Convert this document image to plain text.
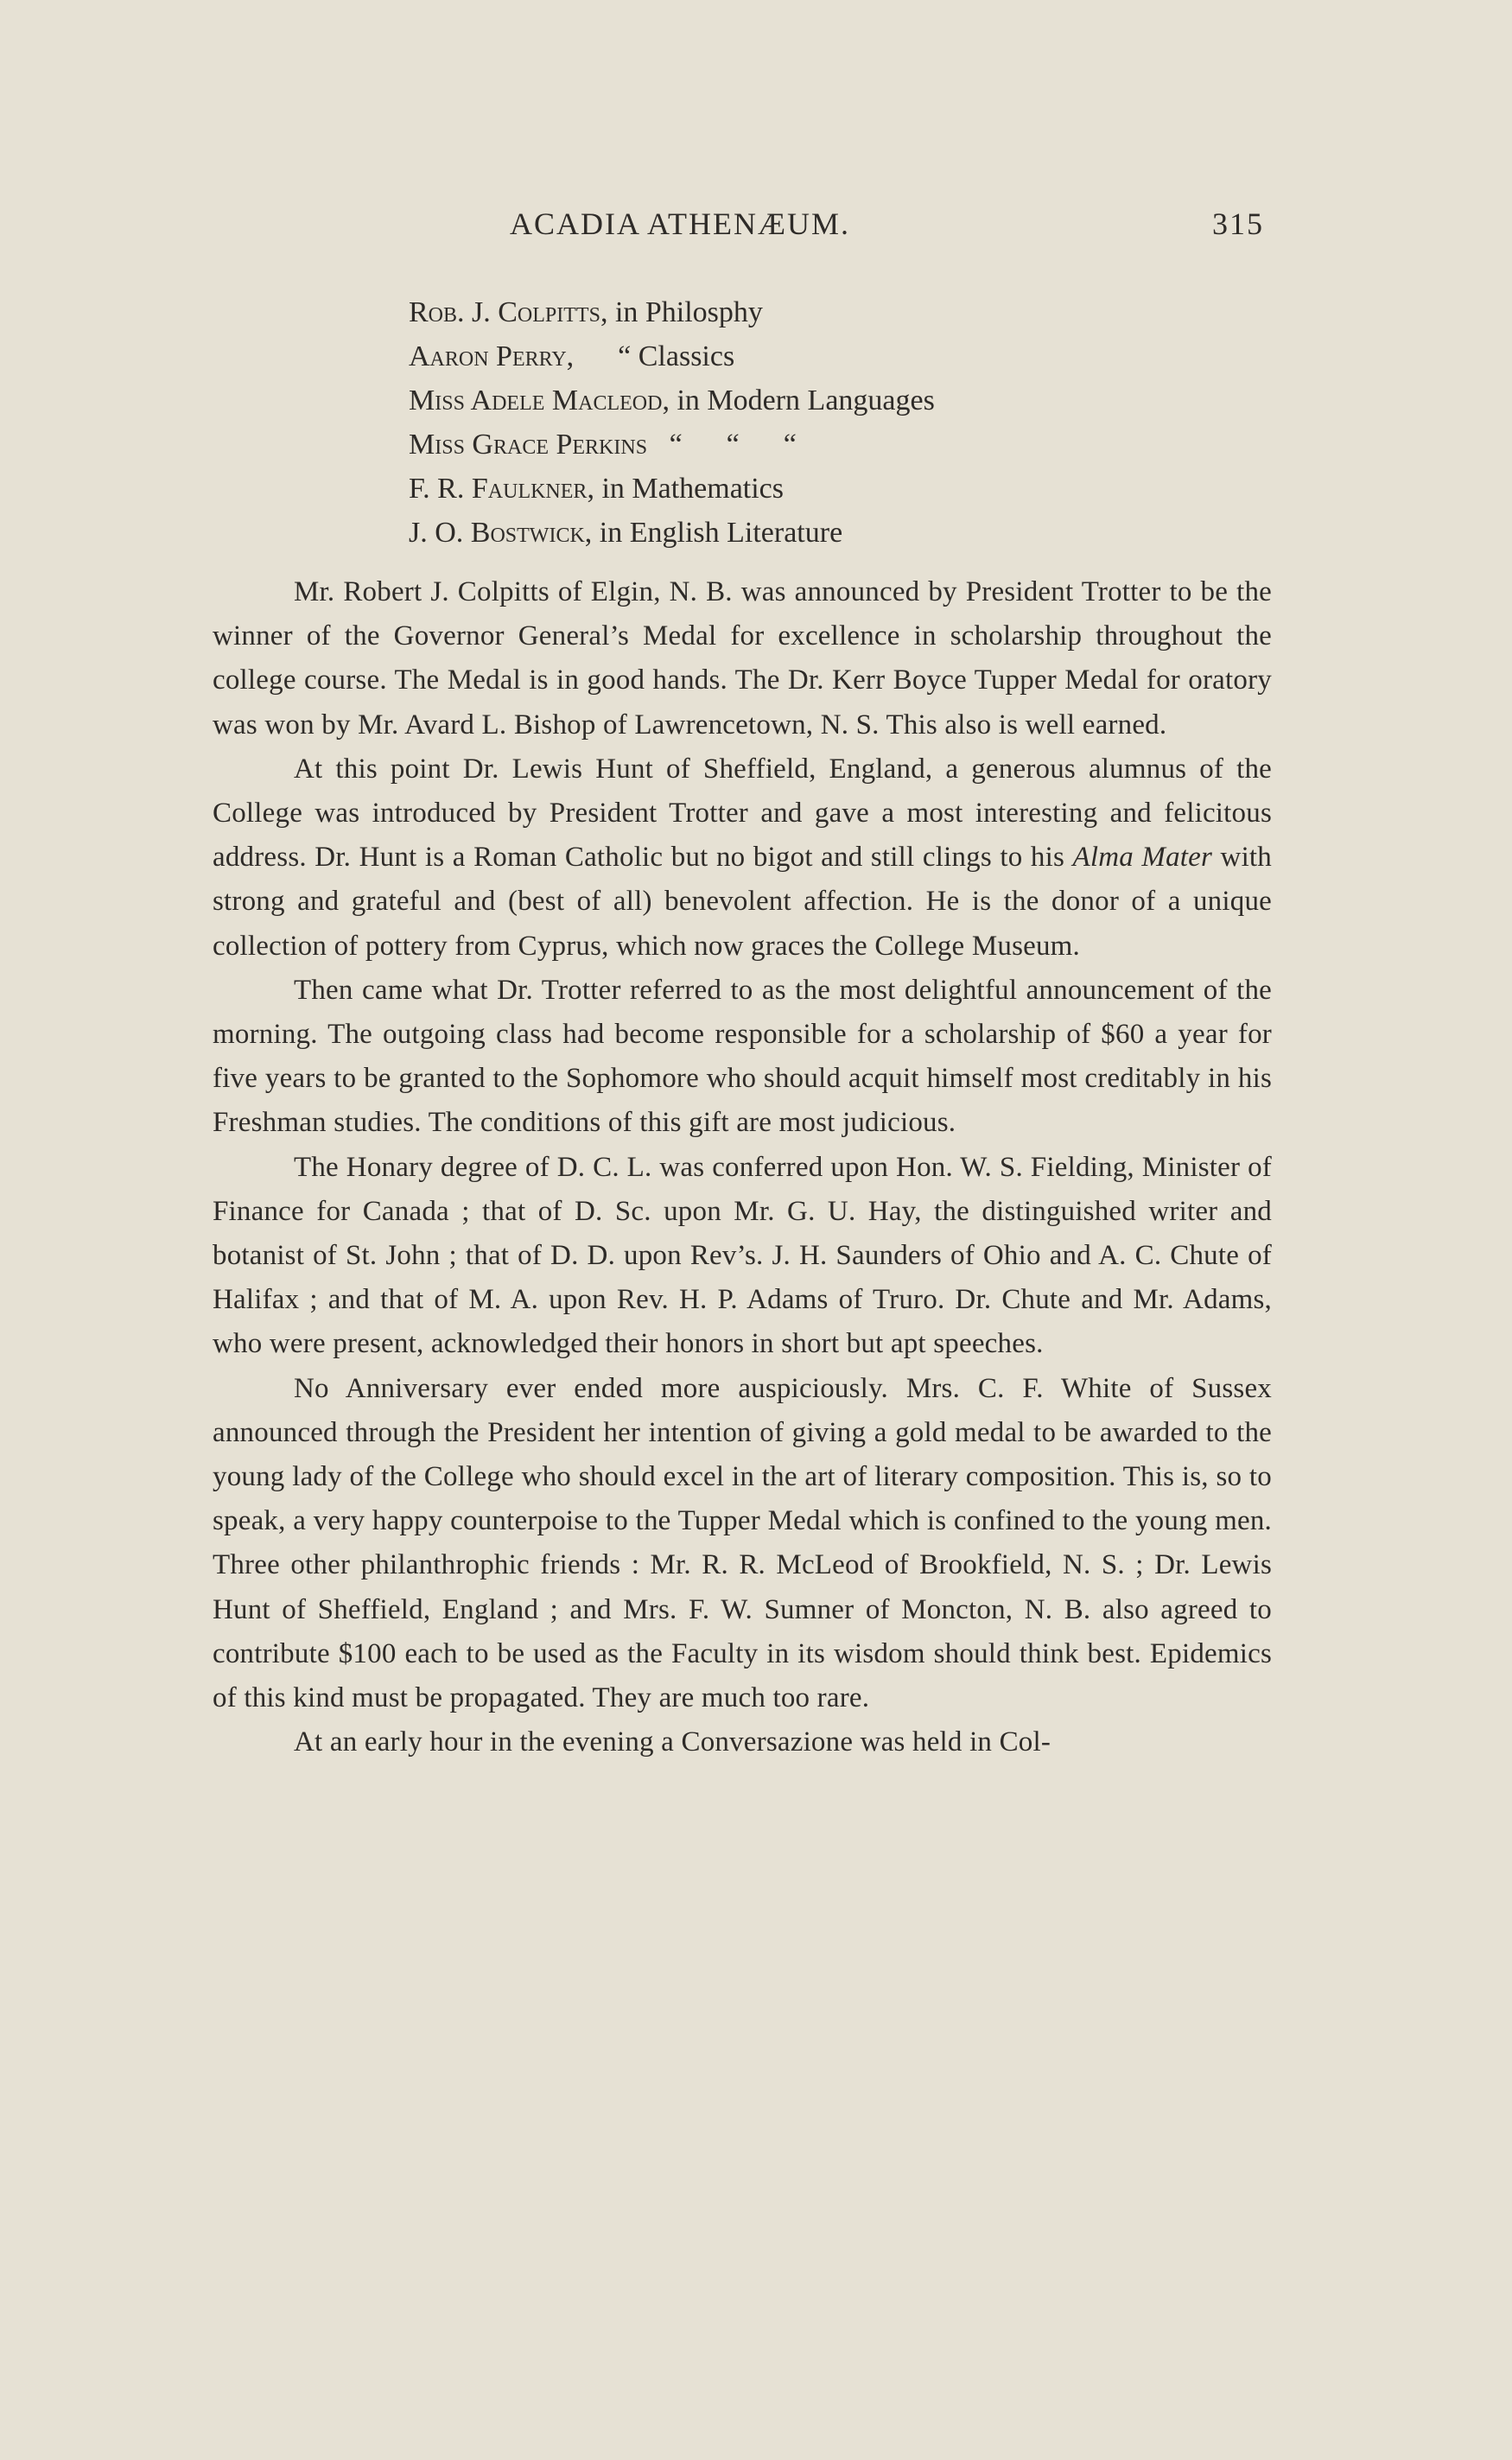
ACADIA ATHENÆUM.	315
Rob. J. Colpitts, in Philosphy
Aaron Perry,      “ Classics
Miss Adele Macleod, in Modern Languages
Miss Grace Perkins   “      “      “
F. R. Faulkner, in Mathematics
J. O. Bostwick, in English Literature

Mr. Robert J. Colpitts of Elgin, N. B. was announced by President Trotter to be the winner of the Governor General’s Medal for excellence in scholarship throughout the college course. The Medal is in good hands. The Dr. Kerr Boyce Tupper Medal for oratory was won by Mr. Avard L. Bishop of Lawrencetown, N. S. This also is well earned.

At this point Dr. Lewis Hunt of Sheffield, England, a generous alumnus of the College was introduced by President Trotter and gave a most interesting and felicitous address. Dr. Hunt is a Roman Catholic but no bigot and still clings to his Alma Mater with strong and grateful and (best of all) benevolent affection. He is the donor of a unique collection of pottery from Cyprus, which now graces the College Museum.

Then came what Dr. Trotter referred to as the most delightful announcement of the morning. The outgoing class had become responsible for a scholarship of $60 a year for five years to be granted to the Sophomore who should acquit himself most creditably in his Freshman studies. The conditions of this gift are most judicious.

The Honary degree of D. C. L. was conferred upon Hon. W. S. Fielding, Minister of Finance for Canada ; that of D. Sc. upon Mr. G. U. Hay, the distinguished writer and botanist of St. John ; that of D. D. upon Rev’s. J. H. Saunders of Ohio and A. C. Chute of Halifax ; and that of M. A. upon Rev. H. P. Adams of Truro. Dr. Chute and Mr. Adams, who were present, acknowledged their honors in short but apt speeches.

No Anniversary ever ended more auspiciously. Mrs. C. F. White of Sussex announced through the President her intention of giving a gold medal to be awarded to the young lady of the College who should excel in the art of literary composition. This is, so to speak, a very happy counterpoise to the Tupper Medal which is confined to the young men. Three other philanthrophic friends : Mr. R. R. McLeod of Brookfield, N. S. ; Dr. Lewis Hunt of Sheffield, England ; and Mrs. F. W. Sumner of Moncton, N. B. also agreed to contribute $100 each to be used as the Faculty in its wisdom should think best. Epidemics of this kind must be propagated. They are much too rare.

At an early hour in the evening a Conversazione was held in Col-
